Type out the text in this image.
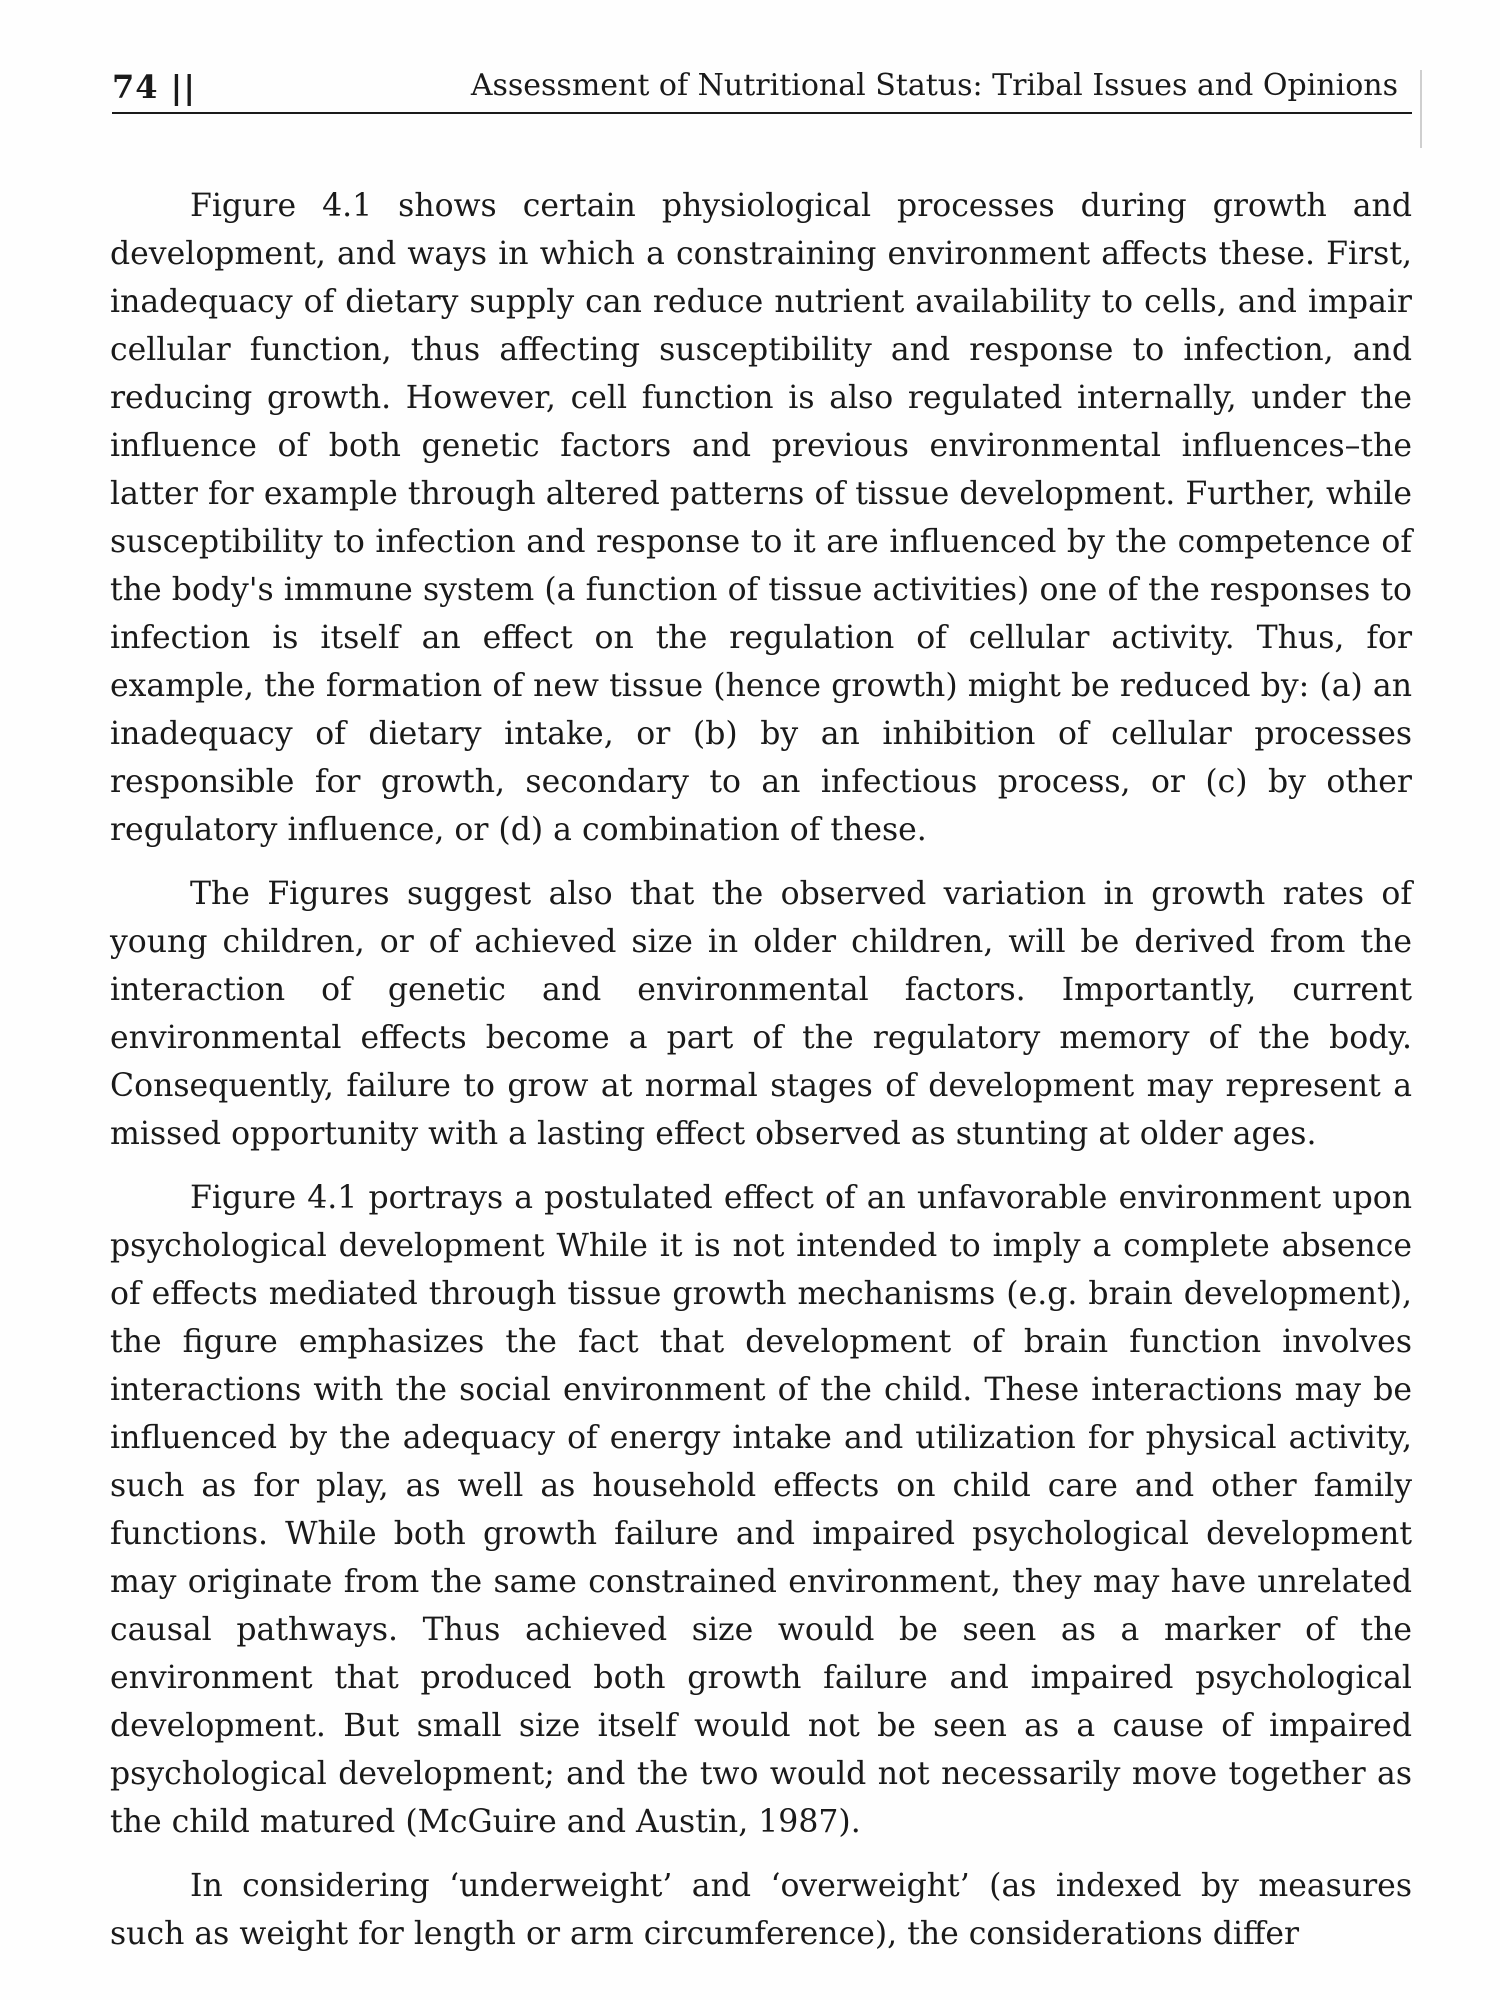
74 ||	Assessment of Nutritional Status: Tribal Issues and Opinions

Figure 4.1 shows certain physiological processes during growth and development, and ways in which a constraining environment affects these. First, inadequacy of dietary supply can reduce nutrient availability to cells, and impair cellular function, thus affecting susceptibility and response to infection, and reducing growth. However, cell function is also regulated internally, under the influence of both genetic factors and previous environmental influences–the latter for example through altered patterns of tissue development. Further, while susceptibility to infection and response to it are influenced by the competence of the body's immune system (a function of tissue activities) one of the responses to infection is itself an effect on the regulation of cellular activity. Thus, for example, the formation of new tissue (hence growth) might be reduced by: (a) an inadequacy of dietary intake, or (b) by an inhibition of cellular processes responsible for growth, secondary to an infectious process, or (c) by other regulatory influence, or (d) a combination of these.

The Figures suggest also that the observed variation in growth rates of young children, or of achieved size in older children, will be derived from the interaction of genetic and environmental factors. Importantly, current environmental effects become a part of the regulatory memory of the body. Consequently, failure to grow at normal stages of development may represent a missed opportunity with a lasting effect observed as stunting at older ages.

Figure 4.1 portrays a postulated effect of an unfavorable environment upon psychological development While it is not intended to imply a complete absence of effects mediated through tissue growth mechanisms (e.g. brain development), the figure emphasizes the fact that development of brain function involves interactions with the social environment of the child. These interactions may be influenced by the adequacy of energy intake and utilization for physical activity, such as for play, as well as household effects on child care and other family functions. While both growth failure and impaired psychological development may originate from the same constrained environment, they may have unrelated causal pathways. Thus achieved size would be seen as a marker of the environment that produced both growth failure and impaired psychological development. But small size itself would not be seen as a cause of impaired psychological development; and the two would not necessarily move together as the child matured (McGuire and Austin, 1987).

In considering ‘underweight’ and ‘overweight’ (as indexed by measures such as weight for length or arm circumference), the considerations differ
